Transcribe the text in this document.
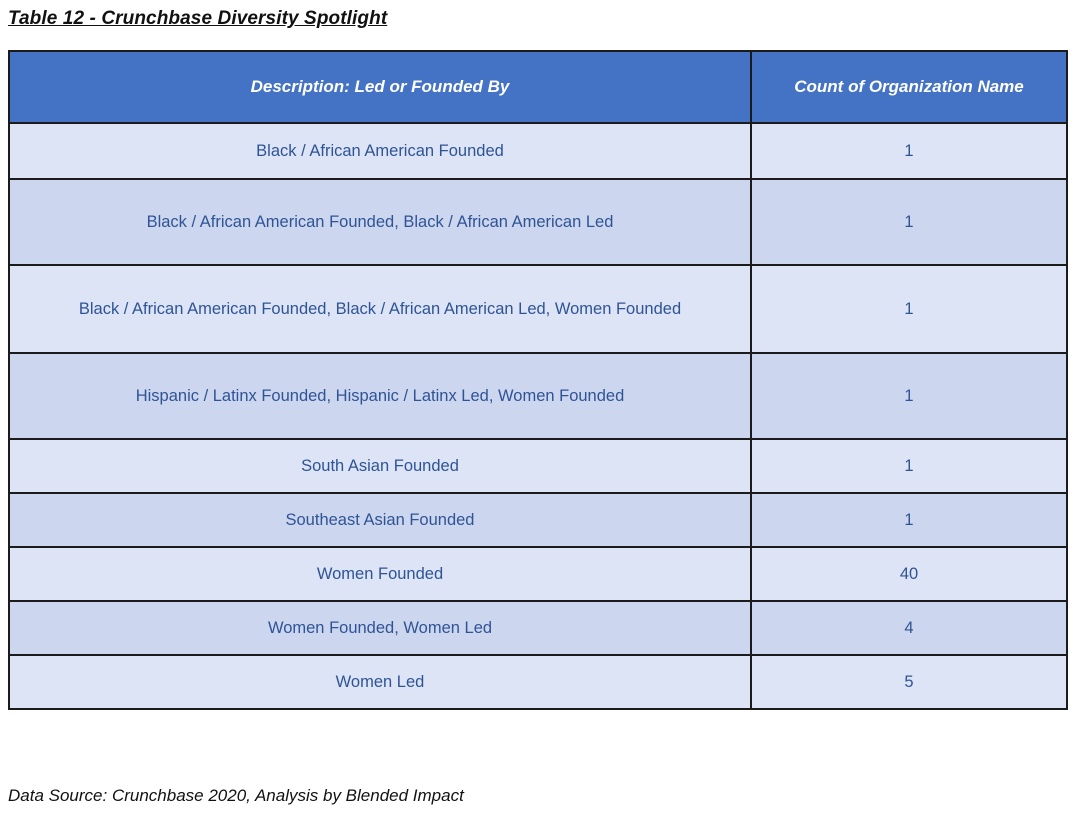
Table 12 - Crunchbase Diversity Spotlight
Description: Led or Founded By	Count of Organization Name
Black / African American Founded	1
Black / African American Founded, Black / African American Led	1
Black / African American Founded, Black / African American Led, Women Founded	1
Hispanic / Latinx Founded, Hispanic / Latinx Led, Women Founded	1
South Asian Founded	1
Southeast Asian Founded	1
Women Founded	40
Women Founded, Women Led	4
Women Led	5
Data Source: Crunchbase 2020, Analysis by Blended Impact
